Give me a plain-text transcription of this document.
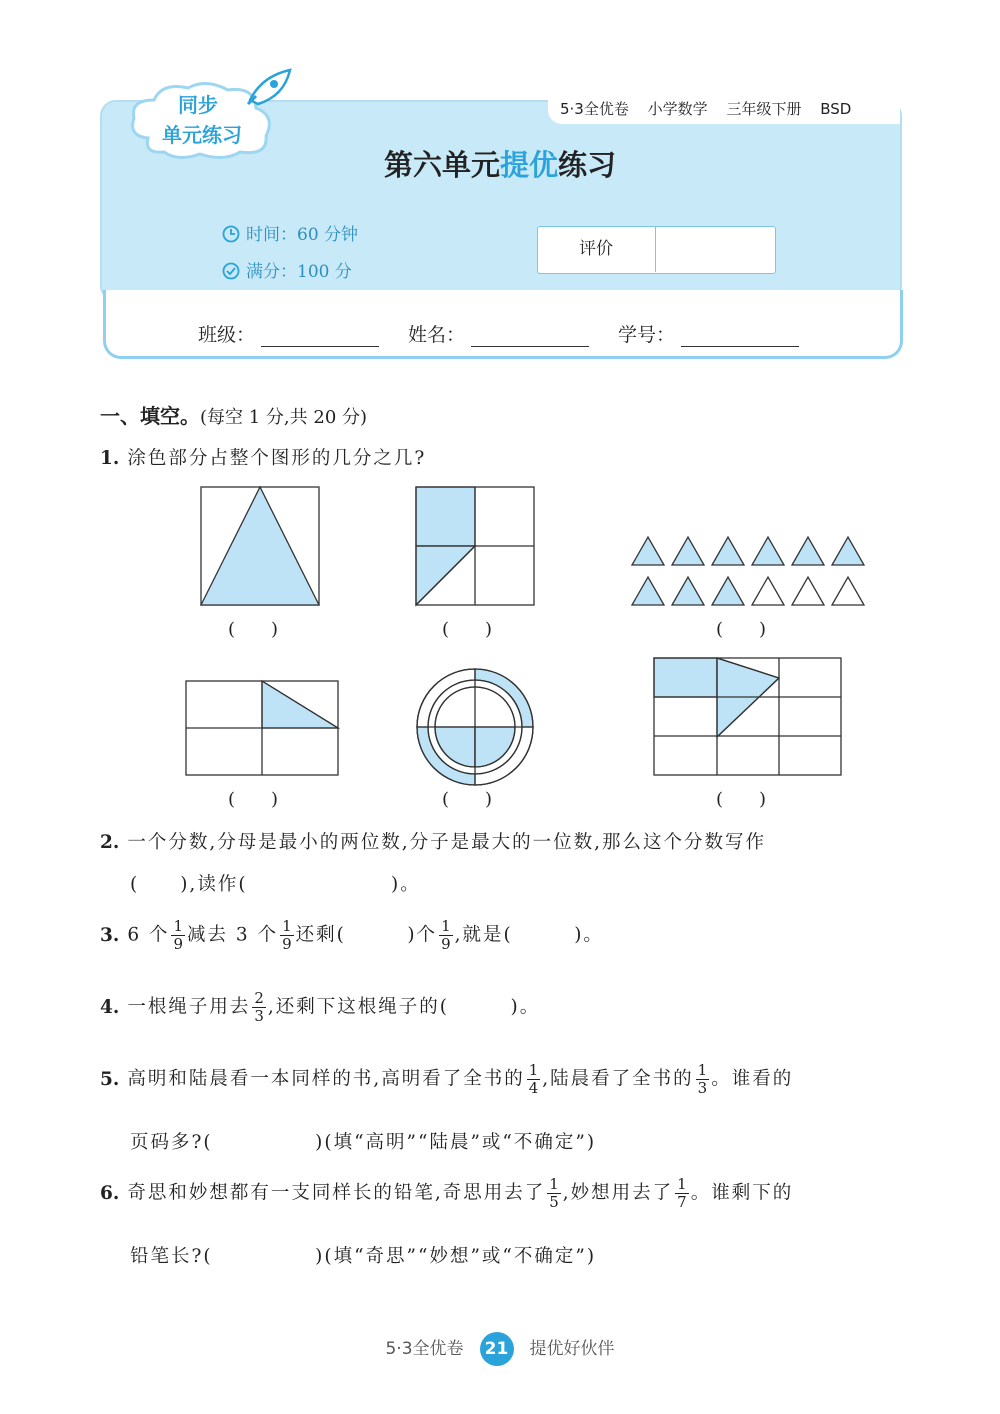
5·3全优卷 小学数学 三年级下册 BSD
同步
单元练习
第六单元提优练习
时间：60 分钟
满分：100 分
评价
班级：	姓名：	学号：
一、填空。(每空 1 分,共 20 分)
1. 涂色部分占整个图形的几分之几?
(　　)	(　　)	(　　)
(　　)	(　　)	(　　)
2. 一个分数,分母是最小的两位数,分子是最大的一位数,那么这个分数写作
(　　),读作(　　　　　　　)。
3. 6 个 $\frac{1}{9}$ 减去 3 个 $\frac{1}{9}$ 还剩(　　　)个 $\frac{1}{9}$ ,就是(　　　)。
4. 一根绳子用去 $\frac{2}{3}$ ,还剩下这根绳子的(　　　)。
5. 高明和陆晨看一本同样的书,高明看了全书的 $\frac{1}{4}$ ,陆晨看了全书的 $\frac{1}{3}$ 。谁看的
页码多?(　　　　　)(填“高明”“陆晨”或“不确定”)
6. 奇思和妙想都有一支同样长的铅笔,奇思用去了 $\frac{1}{5}$ ,妙想用去了 $\frac{1}{7}$ 。谁剩下的
铅笔长?(　　　　　)(填“奇思”“妙想”或“不确定”)
5·3全优卷 21 提优好伙伴
